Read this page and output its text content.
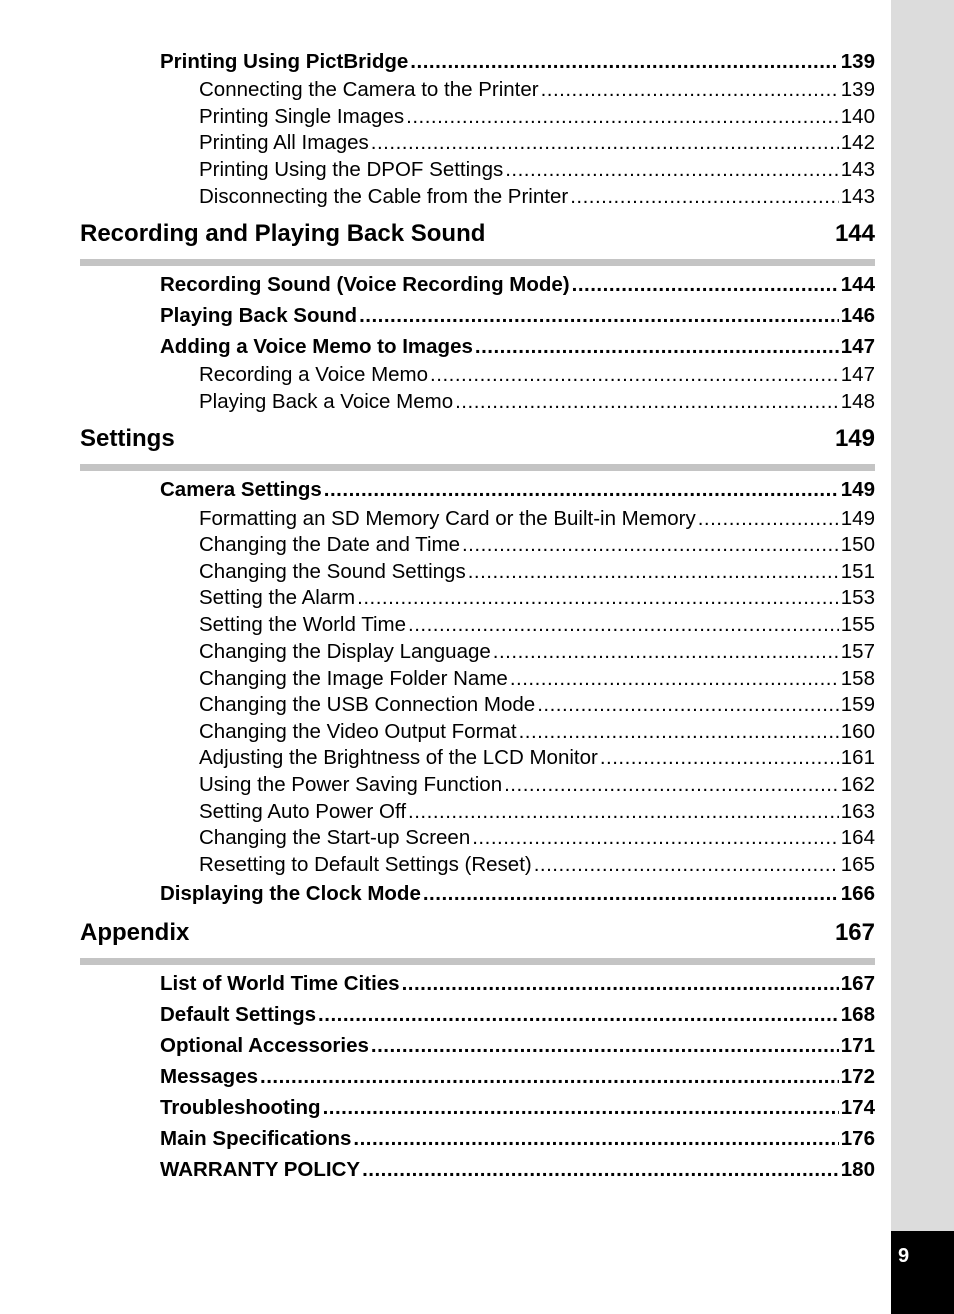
9
Printing Using PictBridge .....	139
Connecting the Camera to the Printer .....	139
Printing Single Images .....	140
Printing All Images .....	142
Printing Using the DPOF Settings .....	143
Disconnecting the Cable from the Printer .....	143
Recording and Playing Back Sound	144
Recording Sound (Voice Recording Mode) .....	144
Playing Back Sound .....	146
Adding a Voice Memo to Images .....	147
Recording a Voice Memo .....	147
Playing Back a Voice Memo .....	148
Settings	149
Camera Settings .....	149
Formatting an SD Memory Card or the Built-in Memory .....	149
Changing the Date and Time .....	150
Changing the Sound Settings .....	151
Setting the Alarm .....	153
Setting the World Time .....	155
Changing the Display Language .....	157
Changing the Image Folder Name .....	158
Changing the USB Connection Mode .....	159
Changing the Video Output Format .....	160
Adjusting the Brightness of the LCD Monitor .....	161
Using the Power Saving Function .....	162
Setting Auto Power Off .....	163
Changing the Start-up Screen .....	164
Resetting to Default Settings (Reset) .....	165
Displaying the Clock Mode .....	166
Appendix	167
List of World Time Cities .....	167
Default Settings .....	168
Optional Accessories .....	171
Messages .....	172
Troubleshooting .....	174
Main Specifications .....	176
WARRANTY POLICY .....	180
